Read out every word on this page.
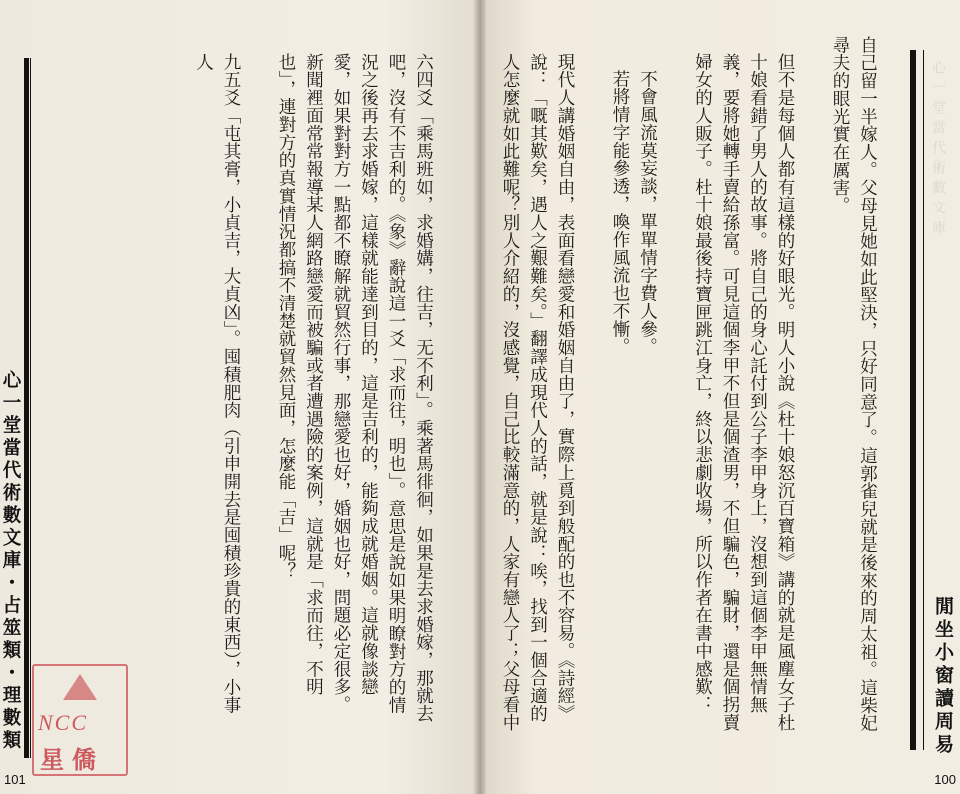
心一堂當代術數文庫

自己留一半嫁人。父母見她如此堅決，只好同意了。這郭雀兒就是後來的周太祖。這柴妃尋夫的眼光實在厲害。

但不是每個人都有這樣的好眼光。明人小說《杜十娘怒沉百寶箱》講的就是風塵女子杜十娘看錯了男人的故事。將自己的身心託付到公子李甲身上，沒想到這個李甲無情無義，要將她轉手賣給孫富。可見這個李甲不但是個渣男，不但騙色，騙財，還是個拐賣婦女的人販子。杜十娘最後持寶匣跳江身亡，終以悲劇收場，所以作者在書中感歎：

不會風流莫妄談，單單情字費人參。
若將情字能參透，喚作風流也不慚。

現代人講婚姻自由，表面看戀愛和婚姻自由了，實際上覓到般配的也不容易。《詩經》說：「嘅其歎矣，遇人之艱難矣。」翻譯成現代人的話，就是說：唉，找到一個合適的人怎麼就如此難呢？別人介紹的，沒感覺，自己比較滿意的，人家有戀人了；父母看中	閒坐小窗讀周易
100
心一堂當代術數文庫・占筮類・理數類
101

六四爻「乘馬班如，求婚媾，往吉，无不利」。乘著馬徘徊，如果是去求婚嫁，那就去吧，沒有不吉利的。《象》辭說這一爻「求而往，明也」。意思是說如果明瞭對方的情況之後再去求婚嫁，這樣就能達到目的，這是吉利的，能夠成就婚姻。這就像談戀愛，如果對對方一點都不瞭解就貿然行事，那戀愛也好，婚姻也好，問題必定很多。新聞裡面常常報導某人網路戀愛而被騙或者遭遇險的案例，這就是「求而往，不明也」，連對方的真實情況都搞不清楚就貿然見面，怎麼能「吉」呢？

九五爻「屯其膏，小貞吉，大貞凶」。囤積肥肉（引申開去是囤積珍貴的東西），小事人

NCC
星僑
